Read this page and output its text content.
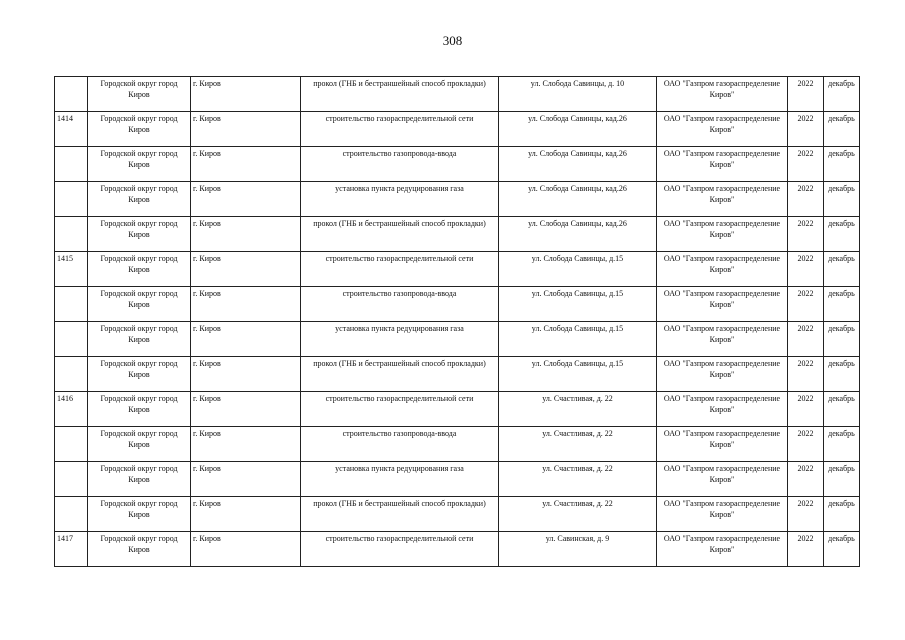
308
	Городской округ город Киров	г. Киров	прокол (ГНБ и бестраншейный способ прокладки)	ул. Слобода Савинцы, д. 10	ОАО "Газпром газораспределение Киров"	2022	декабрь
1414	Городской округ город Киров	г. Киров	строительство газораспределительной сети	ул. Слобода Савинцы, кад.26	ОАО "Газпром газораспределение Киров"	2022	декабрь
	Городской округ город Киров	г. Киров	строительство газопровода-ввода	ул. Слобода Савинцы, кад.26	ОАО "Газпром газораспределение Киров"	2022	декабрь
	Городской округ город Киров	г. Киров	установка пункта редуцирования газа	ул. Слобода Савинцы, кад.26	ОАО "Газпром газораспределение Киров"	2022	декабрь
	Городской округ город Киров	г. Киров	прокол (ГНБ и бестраншейный способ прокладки)	ул. Слобода Савинцы, кад.26	ОАО "Газпром газораспределение Киров"	2022	декабрь
1415	Городской округ город Киров	г. Киров	строительство газораспределительной сети	ул. Слобода Савинцы, д.15	ОАО "Газпром газораспределение Киров"	2022	декабрь
	Городской округ город Киров	г. Киров	строительство газопровода-ввода	ул. Слобода Савинцы, д.15	ОАО "Газпром газораспределение Киров"	2022	декабрь
	Городской округ город Киров	г. Киров	установка пункта редуцирования газа	ул. Слобода Савинцы, д.15	ОАО "Газпром газораспределение Киров"	2022	декабрь
	Городской округ город Киров	г. Киров	прокол (ГНБ и бестраншейный способ прокладки)	ул. Слобода Савинцы, д.15	ОАО "Газпром газораспределение Киров"	2022	декабрь
1416	Городской округ город Киров	г. Киров	строительство газораспределительной сети	ул. Счастливая, д. 22	ОАО "Газпром газораспределение Киров"	2022	декабрь
	Городской округ город Киров	г. Киров	строительство газопровода-ввода	ул. Счастливая, д. 22	ОАО "Газпром газораспределение Киров"	2022	декабрь
	Городской округ город Киров	г. Киров	установка пункта редуцирования газа	ул. Счастливая, д. 22	ОАО "Газпром газораспределение Киров"	2022	декабрь
	Городской округ город Киров	г. Киров	прокол (ГНБ и бестраншейный способ прокладки)	ул. Счастливая, д. 22	ОАО "Газпром газораспределение Киров"	2022	декабрь
1417	Городской округ город Киров	г. Киров	строительство газораспределительной сети	ул. Савинская, д. 9	ОАО "Газпром газораспределение Киров"	2022	декабрь
